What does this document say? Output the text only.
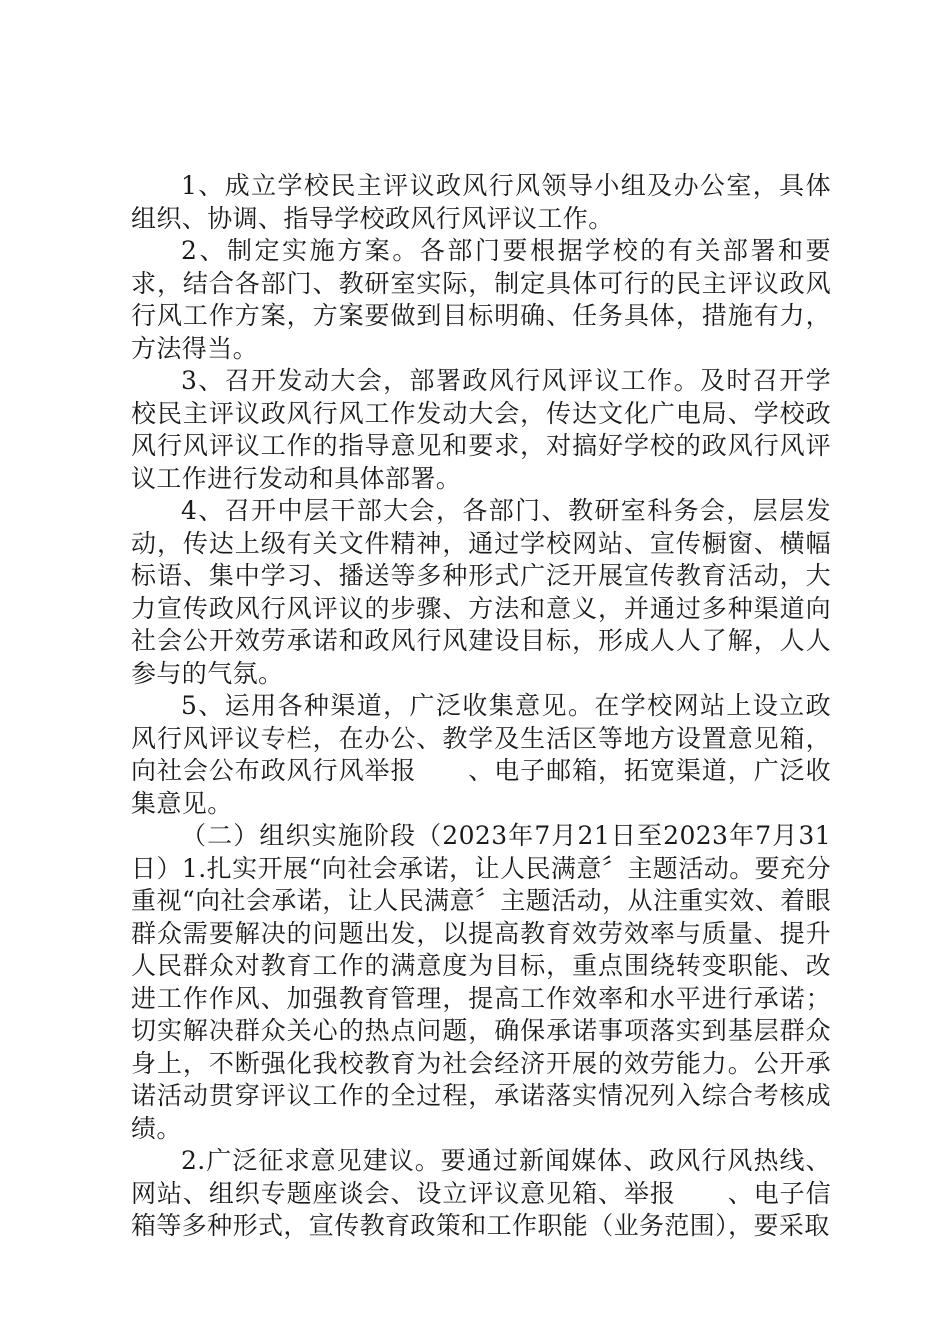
1、成立学校民主评议政风行风领导小组及办公室，具体组织、协调、指导学校政风行风评议工作。

2、制定实施方案。各部门要根据学校的有关部署和要求，结合各部门、教研室实际，制定具体可行的民主评议政风行风工作方案，方案要做到目标明确、任务具体，措施有力，方法得当。

3、召开发动大会，部署政风行风评议工作。及时召开学校民主评议政风行风工作发动大会，传达文化广电局、学校政风行风评议工作的指导意见和要求，对搞好学校的政风行风评议工作进行发动和具体部署。

4、召开中层干部大会，各部门、教研室科务会，层层发动，传达上级有关文件精神，通过学校网站、宣传橱窗、横幅标语、集中学习、播送等多种形式广泛开展宣传教育活动，大力宣传政风行风评议的步骤、方法和意义，并通过多种渠道向社会公开效劳承诺和政风行风建设目标，形成人人了解，人人参与的气氛。

5、运用各种渠道，广泛收集意见。在学校网站上设立政风行风评议专栏，在办公、教学及生活区等地方设置意见箱，向社会公布政风行风举报　　、电子邮箱，拓宽渠道，广泛收集意见。

（二）组织实施阶段（2023年7月21日至2023年7月31日）1.扎实开展“向社会承诺，让人民满意〞主题活动。要充分重视“向社会承诺，让人民满意〞主题活动，从注重实效、着眼群众需要解决的问题出发，以提高教育效劳效率与质量、提升人民群众对教育工作的满意度为目标，重点围绕转变职能、改进工作作风、加强教育管理，提高工作效率和水平进行承诺；切实解决群众关心的热点问题，确保承诺事项落实到基层群众身上，不断强化我校教育为社会经济开展的效劳能力。公开承诺活动贯穿评议工作的全过程，承诺落实情况列入综合考核成绩。

2.广泛征求意见建议。要通过新闻媒体、政风行风热线、网站、组织专题座谈会、设立评议意见箱、举报　　、电子信箱等多种形式，宣传教育政策和工作职能（业务范围），要采取
